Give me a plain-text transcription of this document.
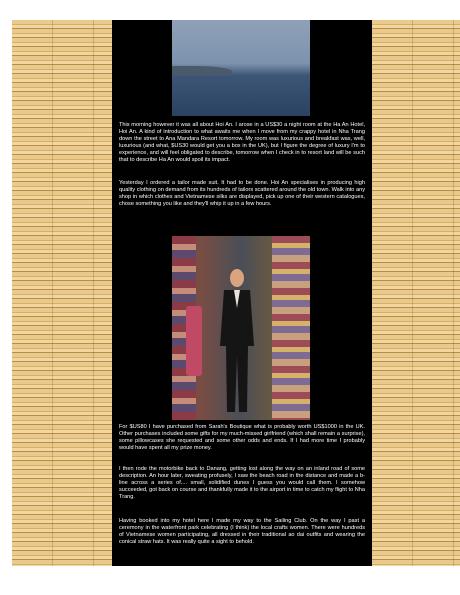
This morning however it was all about Hoi An. I arose in a US$30 a night room at the Ha An Hotel, Hoi An. A kind of introduction to what awaits me when I move from my crappy hotel in Nha Trang down the street to Ana Mandara Resort tomorrow. My room was luxurious and breakfast was, well, luxurious (and what, $US30 would get you a box in the UK), but I figure the degree of luxury I'm to experience, and will feel obligated to describe, tomorrow when I check in to resort land will be such that to describe Ha An would spoil its impact.

Yesterday I ordered a tailor made suit. It had to be done. Hoi An specialises in producing high quality clothing on demand from its hundreds of tailors scattered around the old town. Walk into any shop in which clothes and Vietnamese silks are displayed, pick up one of their western catalogues, chose something you like and they'll whip it up in a few hours.

For $US80 I have purchased from Sarah's Boutique what is probably worth US$1000 in the UK. Other purchases included some gifts for my much-missed girlfriend (which shall remain a surprise), some pillowcases she requested and some other odds and ends. If I had more time I probably would have spent all my prize money.

I then rode the motorbike back to Danang, getting lost along the way on an inland road of some description. An hour later, sweating profusely, I saw the beach road in the distance and made a b-line across a series of.... small, solidified dunes I guess you would call them. I somehow succeeded, got back on course and thankfully made it to the airport in time to catch my flight to Nha Trang.

Having booked into my hotel here I made my way to the Sailing Club. On the way I past a ceremony in the waterfront park celebrating (I think) the local crafts women. There were hundreds of Vietnamese women participating, all dressed in their traditional ao dai outfits and wearing the conical straw hats. It was really quite a sight to behold.
